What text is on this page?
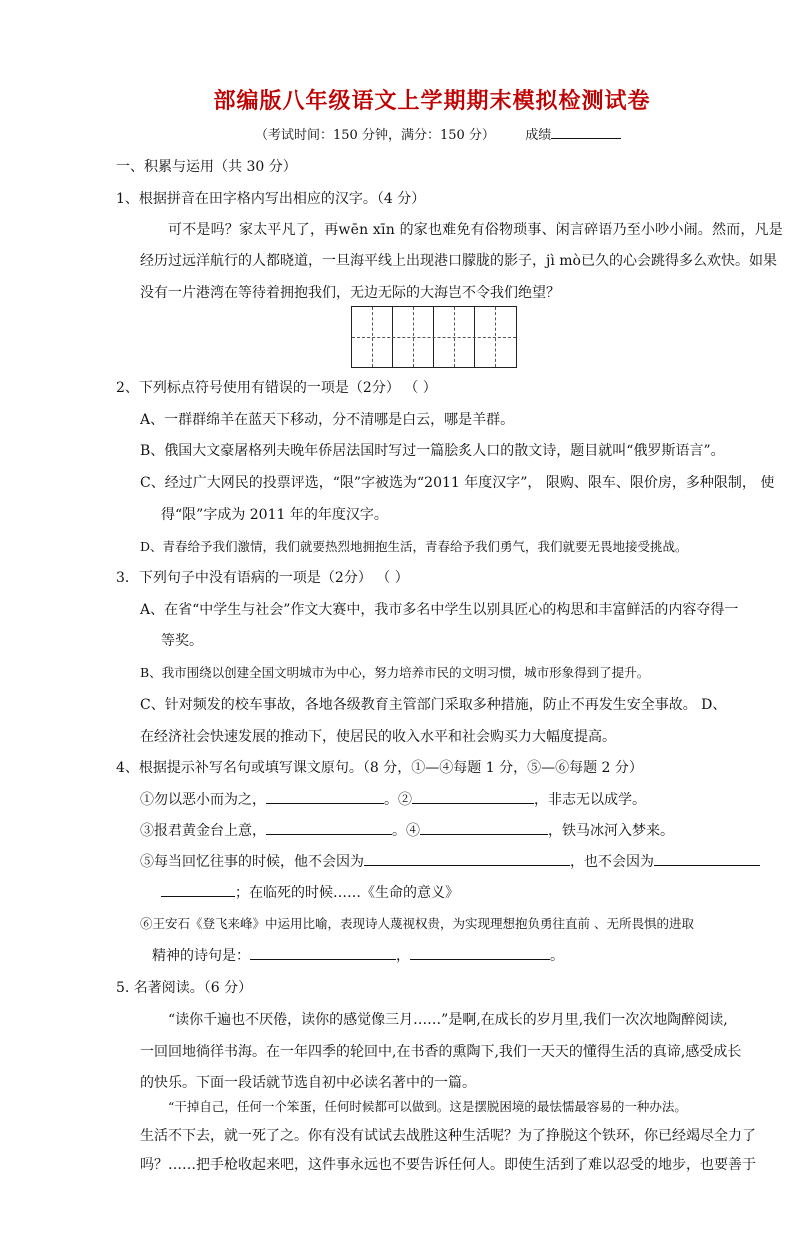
部编版八年级语文上学期期末模拟检测试卷
（考试时间：150 分钟，满分：150 分） 成绩
一、积累与运用（共 30 分）
1、根据拼音在田字格内写出相应的汉字。（4 分）
可不是吗？家太平凡了，再wēn xīn 的家也难免有俗物琐事、闲言碎语乃至小吵小闹。然而，凡是
经历过远洋航行的人都晓道，一旦海平线上出现港口朦胧的影子，jì mò已久的心会跳得多么欢快。如果
没有一片港湾在等待着拥抱我们，无边无际的大海岂不令我们绝望？
2、下列标点符号使用有错误的一项是（2分） （ ）
A、一群群绵羊在蓝天下移动，分不清哪是白云，哪是羊群。
B、俄国大文豪屠格列夫晚年侨居法国时写过一篇脍炙人口的散文诗，题目就叫“俄罗斯语言”。
C、经过广大网民的投票评选，“限”字被选为“2011 年度汉字”， 限购、限车、限价房，多种限制， 使
得“限”字成为 2011 年的年度汉字。
D、青春给予我们激情，我们就要热烈地拥抱生活，青春给予我们勇气，我们就要无畏地接受挑战。
3．下列句子中没有语病的一项是（2分） （ ）
A、在省“中学生与社会”作文大赛中，我市多名中学生以别具匠心的构思和丰富鲜活的内容夺得一
等奖。
B、我市围绕以创建全国文明城市为中心，努力培养市民的文明习惯，城市形象得到了提升。
C、针对频发的校车事故，各地各级教育主管部门采取多种措施，防止不再发生安全事故。 D、
在经济社会快速发展的推动下，使居民的收入水平和社会购买力大幅度提高。
4、根据提示补写名句或填写课文原句。（8 分，①—④每题 1 分，⑤—⑥每题 2 分）
①勿以恶小而为之，	。②	，非志无以成学。
③报君黄金台上意，	。④	，铁马冰河入梦来。
⑤每当回忆往事的时候，他不会因为	，也不会因为
；在临死的时候……《生命的意义》
⑥王安石《登飞来峰》中运用比喻，表现诗人蔑视权贵，为实现理想抱负勇往直前 、无所畏惧的进取
精神的诗句是：	，	。
5. 名著阅读。（6 分）
“读你千遍也不厌倦，读你的感觉像三月……”是啊,在成长的岁月里,我们一次次地陶醉阅读,
一回回地徜徉书海。在一年四季的轮回中,在书香的熏陶下,我们一天天的懂得生活的真谛,感受成长
的快乐。下面一段话就节选自初中必读名著中的一篇。
“干掉自己，任何一个笨蛋，任何时候都可以做到。这是摆脱困境的最怯懦最容易的一种办法。
生活不下去，就一死了之。你有没有试试去战胜这种生活呢？为了挣脱这个铁环，你已经竭尽全力了
吗？……把手枪收起来吧，这件事永远也不要告诉任何人。即使生活到了难以忍受的地步，也要善于
